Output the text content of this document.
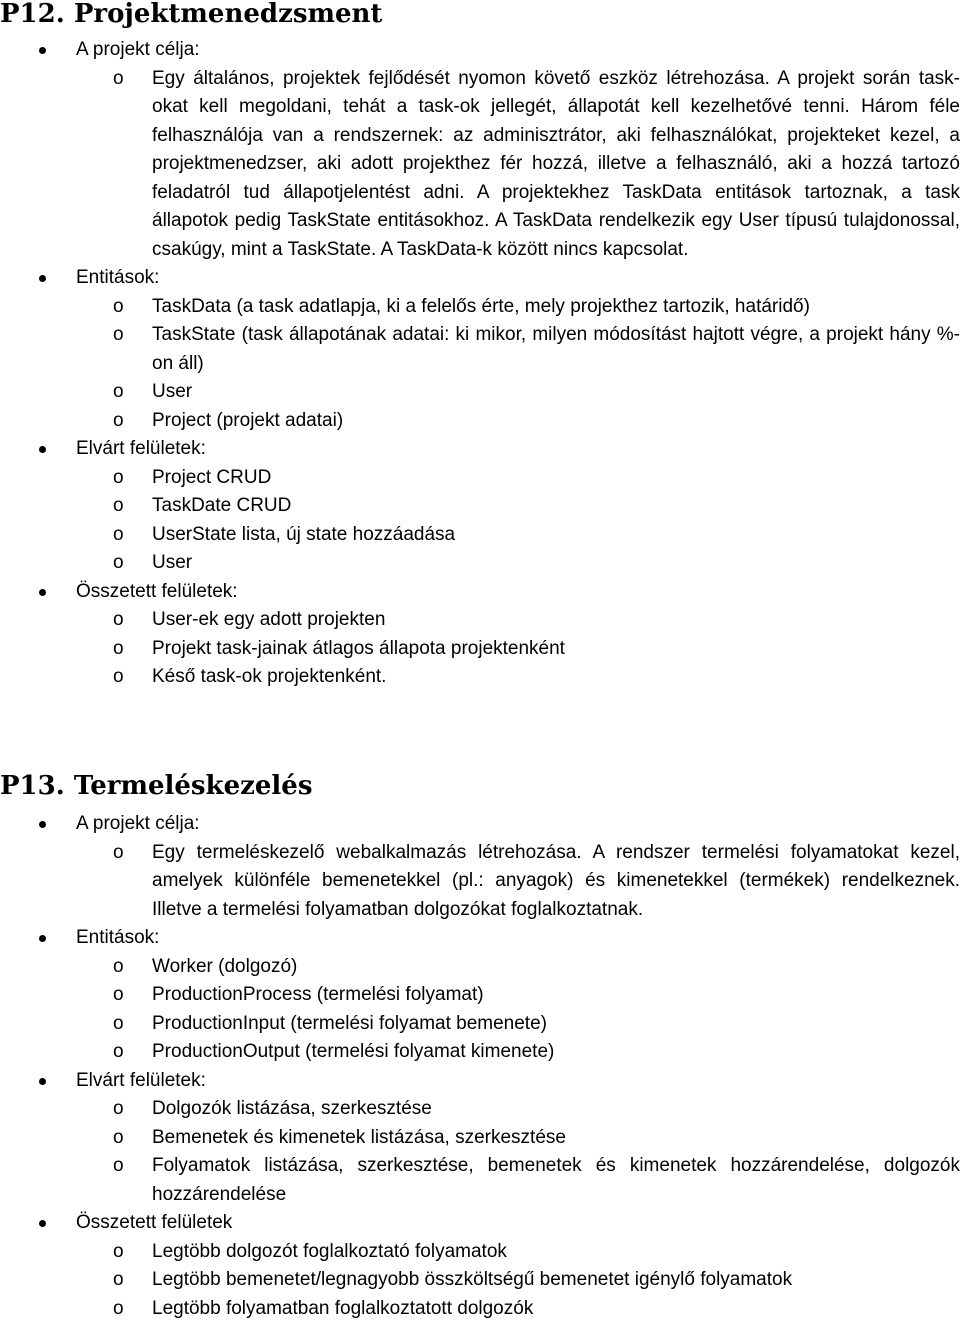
P12. Projektmenedzsment
A projekt célja:
o Egy általános, projektek fejlődését nyomon követő eszköz létrehozása. A projekt során task-okat kell megoldani, tehát a task-ok jellegét, állapotát kell kezelhetővé tenni. Három féle felhasználója van a rendszernek: az adminisztrátor, aki felhasználókat, projekteket kezel, a projektmenedzser, aki adott projekthez fér hozzá, illetve a felhasználó, aki a hozzá tartozó feladatról tud állapotjelentést adni. A projektekhez TaskData entitások tartoznak, a task állapotok pedig TaskState entitásokhoz. A TaskData rendelkezik egy User típusú tulajdonossal, csakúgy, mint a TaskState. A TaskData-k között nincs kapcsolat.
Entitások:
o TaskData (a task adatlapja, ki a felelős érte, mely projekthez tartozik, határidő)
o TaskState (task állapotának adatai: ki mikor, milyen módosítást hajtott végre, a projekt hány %-on áll)
o User
o Project (projekt adatai)
Elvárt felületek:
o Project CRUD
o TaskDate CRUD
o UserState lista, új state hozzáadása
o User
Összetett felületek:
o User-ek egy adott projekten
o Projekt task-jainak átlagos állapota projektenként
o Késő task-ok projektenként.
P13. Termeléskezelés
A projekt célja:
o Egy termeléskezelő webalkalmazás létrehozása. A rendszer termelési folyamatokat kezel, amelyek különféle bemenetekkel (pl.: anyagok) és kimenetekkel (termékek) rendelkeznek. Illetve a termelési folyamatban dolgozókat foglalkoztatnak.
Entitások:
o Worker (dolgozó)
o ProductionProcess (termelési folyamat)
o ProductionInput (termelési folyamat bemenete)
o ProductionOutput (termelési folyamat kimenete)
Elvárt felületek:
o Dolgozók listázása, szerkesztése
o Bemenetek és kimenetek listázása, szerkesztése
o Folyamatok listázása, szerkesztése, bemenetek és kimenetek hozzárendelése, dolgozók hozzárendelése
Összetett felületek
o Legtöbb dolgozót foglalkoztató folyamatok
o Legtöbb bemenetet/legnagyobb összköltségű bemenetet igénylő folyamatok
o Legtöbb folyamatban foglalkoztatott dolgozók
